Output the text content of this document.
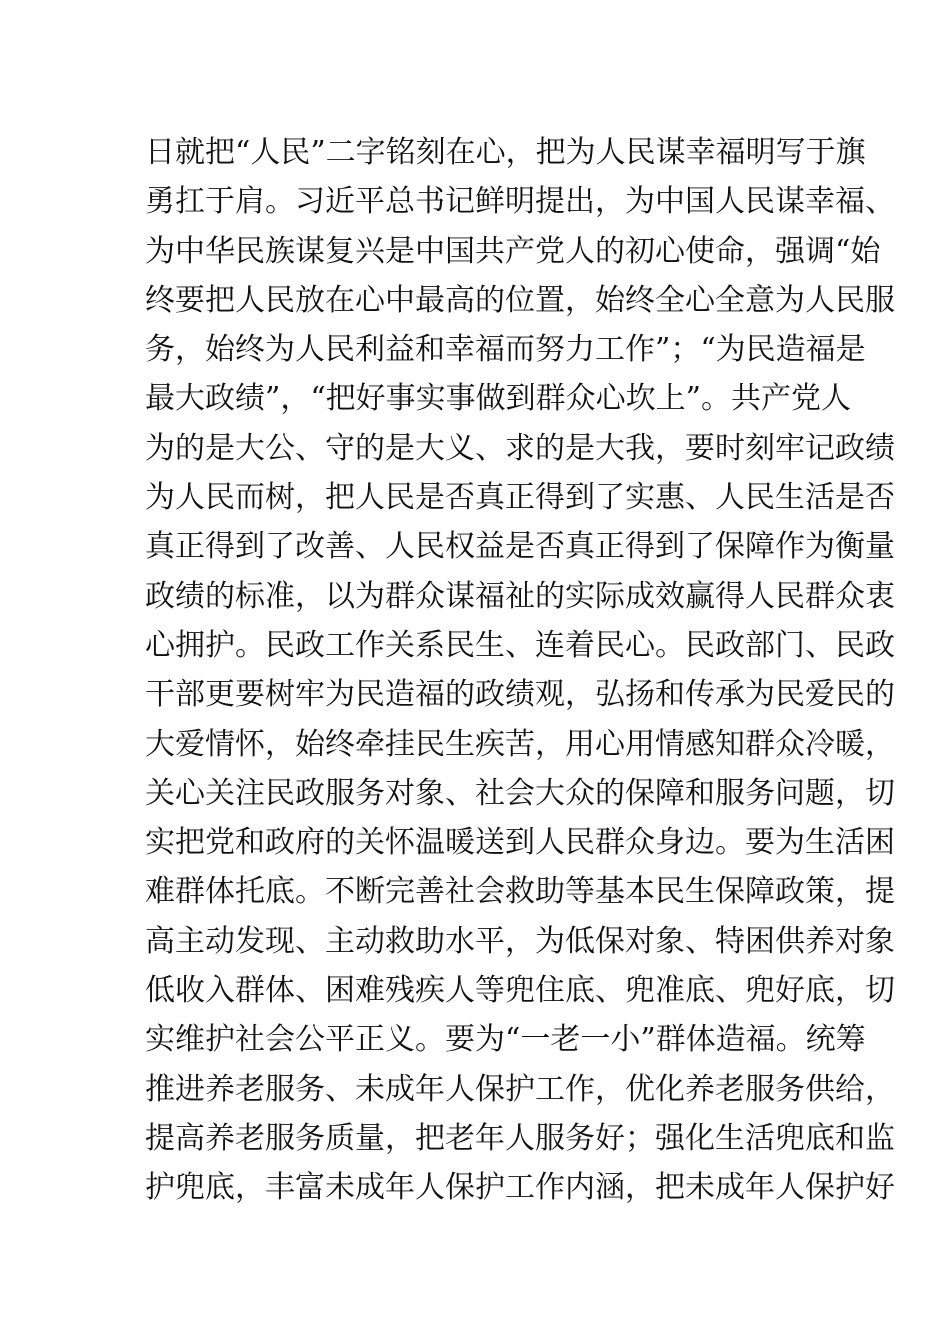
日就把“人民”二字铭刻在心，把为人民谋幸福明写于旗
勇扛于肩。习近平总书记鲜明提出，为中国人民谋幸福、
为中华民族谋复兴是中国共产党人的初心使命，强调“始
终要把人民放在心中最高的位置，始终全心全意为人民服
务，始终为人民利益和幸福而努力工作”；“为民造福是
最大政绩”，“把好事实事做到群众心坎上”。共产党人
为的是大公、守的是大义、求的是大我，要时刻牢记政绩
为人民而树，把人民是否真正得到了实惠、人民生活是否
真正得到了改善、人民权益是否真正得到了保障作为衡量
政绩的标准，以为群众谋福祉的实际成效赢得人民群众衷
心拥护。民政工作关系民生、连着民心。民政部门、民政
干部更要树牢为民造福的政绩观，弘扬和传承为民爱民的
大爱情怀，始终牵挂民生疾苦，用心用情感知群众冷暖，
关心关注民政服务对象、社会大众的保障和服务问题，切
实把党和政府的关怀温暖送到人民群众身边。要为生活困
难群体托底。不断完善社会救助等基本民生保障政策，提
高主动发现、主动救助水平，为低保对象、特困供养对象
低收入群体、困难残疾人等兜住底、兜准底、兜好底，切
实维护社会公平正义。要为“一老一小”群体造福。统筹
推进养老服务、未成年人保护工作，优化养老服务供给，
提高养老服务质量，把老年人服务好；强化生活兜底和监
护兜底，丰富未成年人保护工作内涵，把未成年人保护好
